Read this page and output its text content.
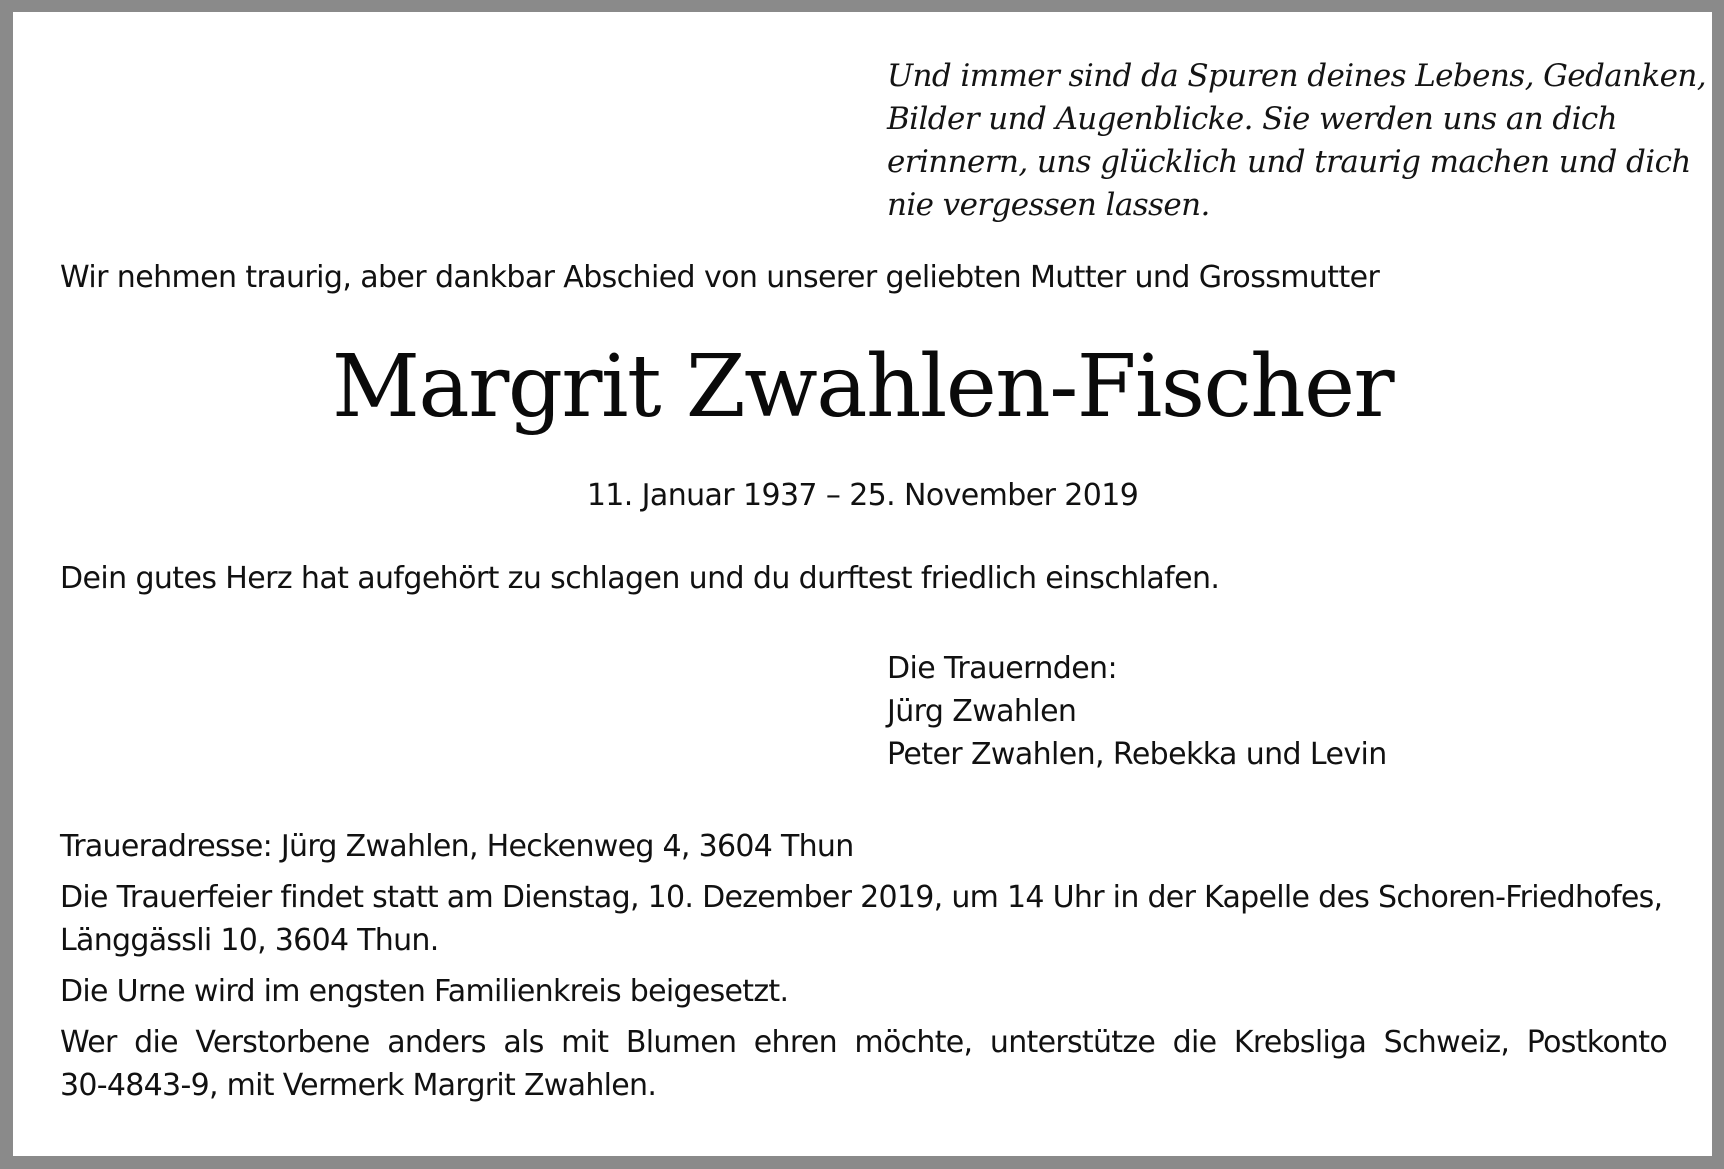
Und immer sind da Spuren deines Lebens, Gedanken,
Bilder und Augenblicke. Sie werden uns an dich
erinnern, uns glücklich und traurig machen und dich
nie vergessen lassen.
Wir nehmen traurig, aber dankbar Abschied von unserer geliebten Mutter und Grossmutter
Margrit Zwahlen-Fischer
11. Januar 1937 – 25. November 2019
Dein gutes Herz hat aufgehört zu schlagen und du durftest friedlich einschlafen.
Die Trauernden:
Jürg Zwahlen
Peter Zwahlen, Rebekka und Levin

Traueradresse: Jürg Zwahlen, Heckenweg 4, 3604 Thun

Die Trauerfeier findet statt am Dienstag, 10. Dezember 2019, um 14 Uhr in der Kapelle des Schoren-Friedhofes,
Länggässli 10, 3604 Thun.

Die Urne wird im engsten Familienkreis beigesetzt.

Wer die Verstorbene anders als mit Blumen ehren möchte, unterstütze die Krebsliga Schweiz, Postkonto
30-4843-9, mit Vermerk Margrit Zwahlen.
